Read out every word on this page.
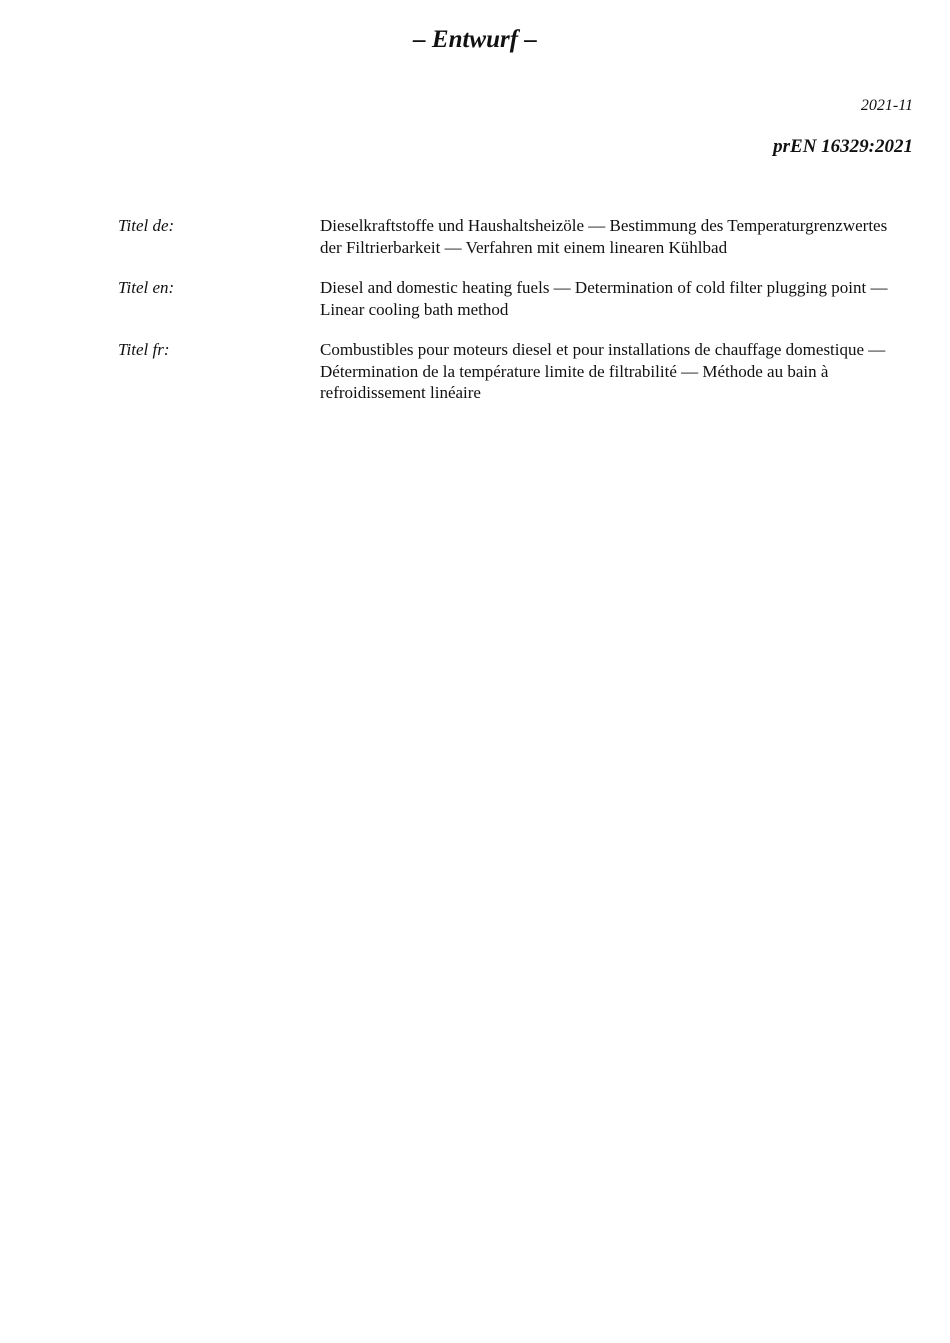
– Entwurf –
2021-11
prEN 16329:2021
Titel de:	Dieselkraftstoffe und Haushaltsheizöle — Bestimmung des Temperaturgrenzwertes der Filtrierbarkeit — Verfahren mit einem linearen Kühlbad
Titel en:	Diesel and domestic heating fuels — Determination of cold filter plugging point — Linear cooling bath method
Titel fr:	Combustibles pour moteurs diesel et pour installations de chauffage domestique — Détermination de la température limite de filtrabilité — Méthode au bain à refroidissement linéaire
